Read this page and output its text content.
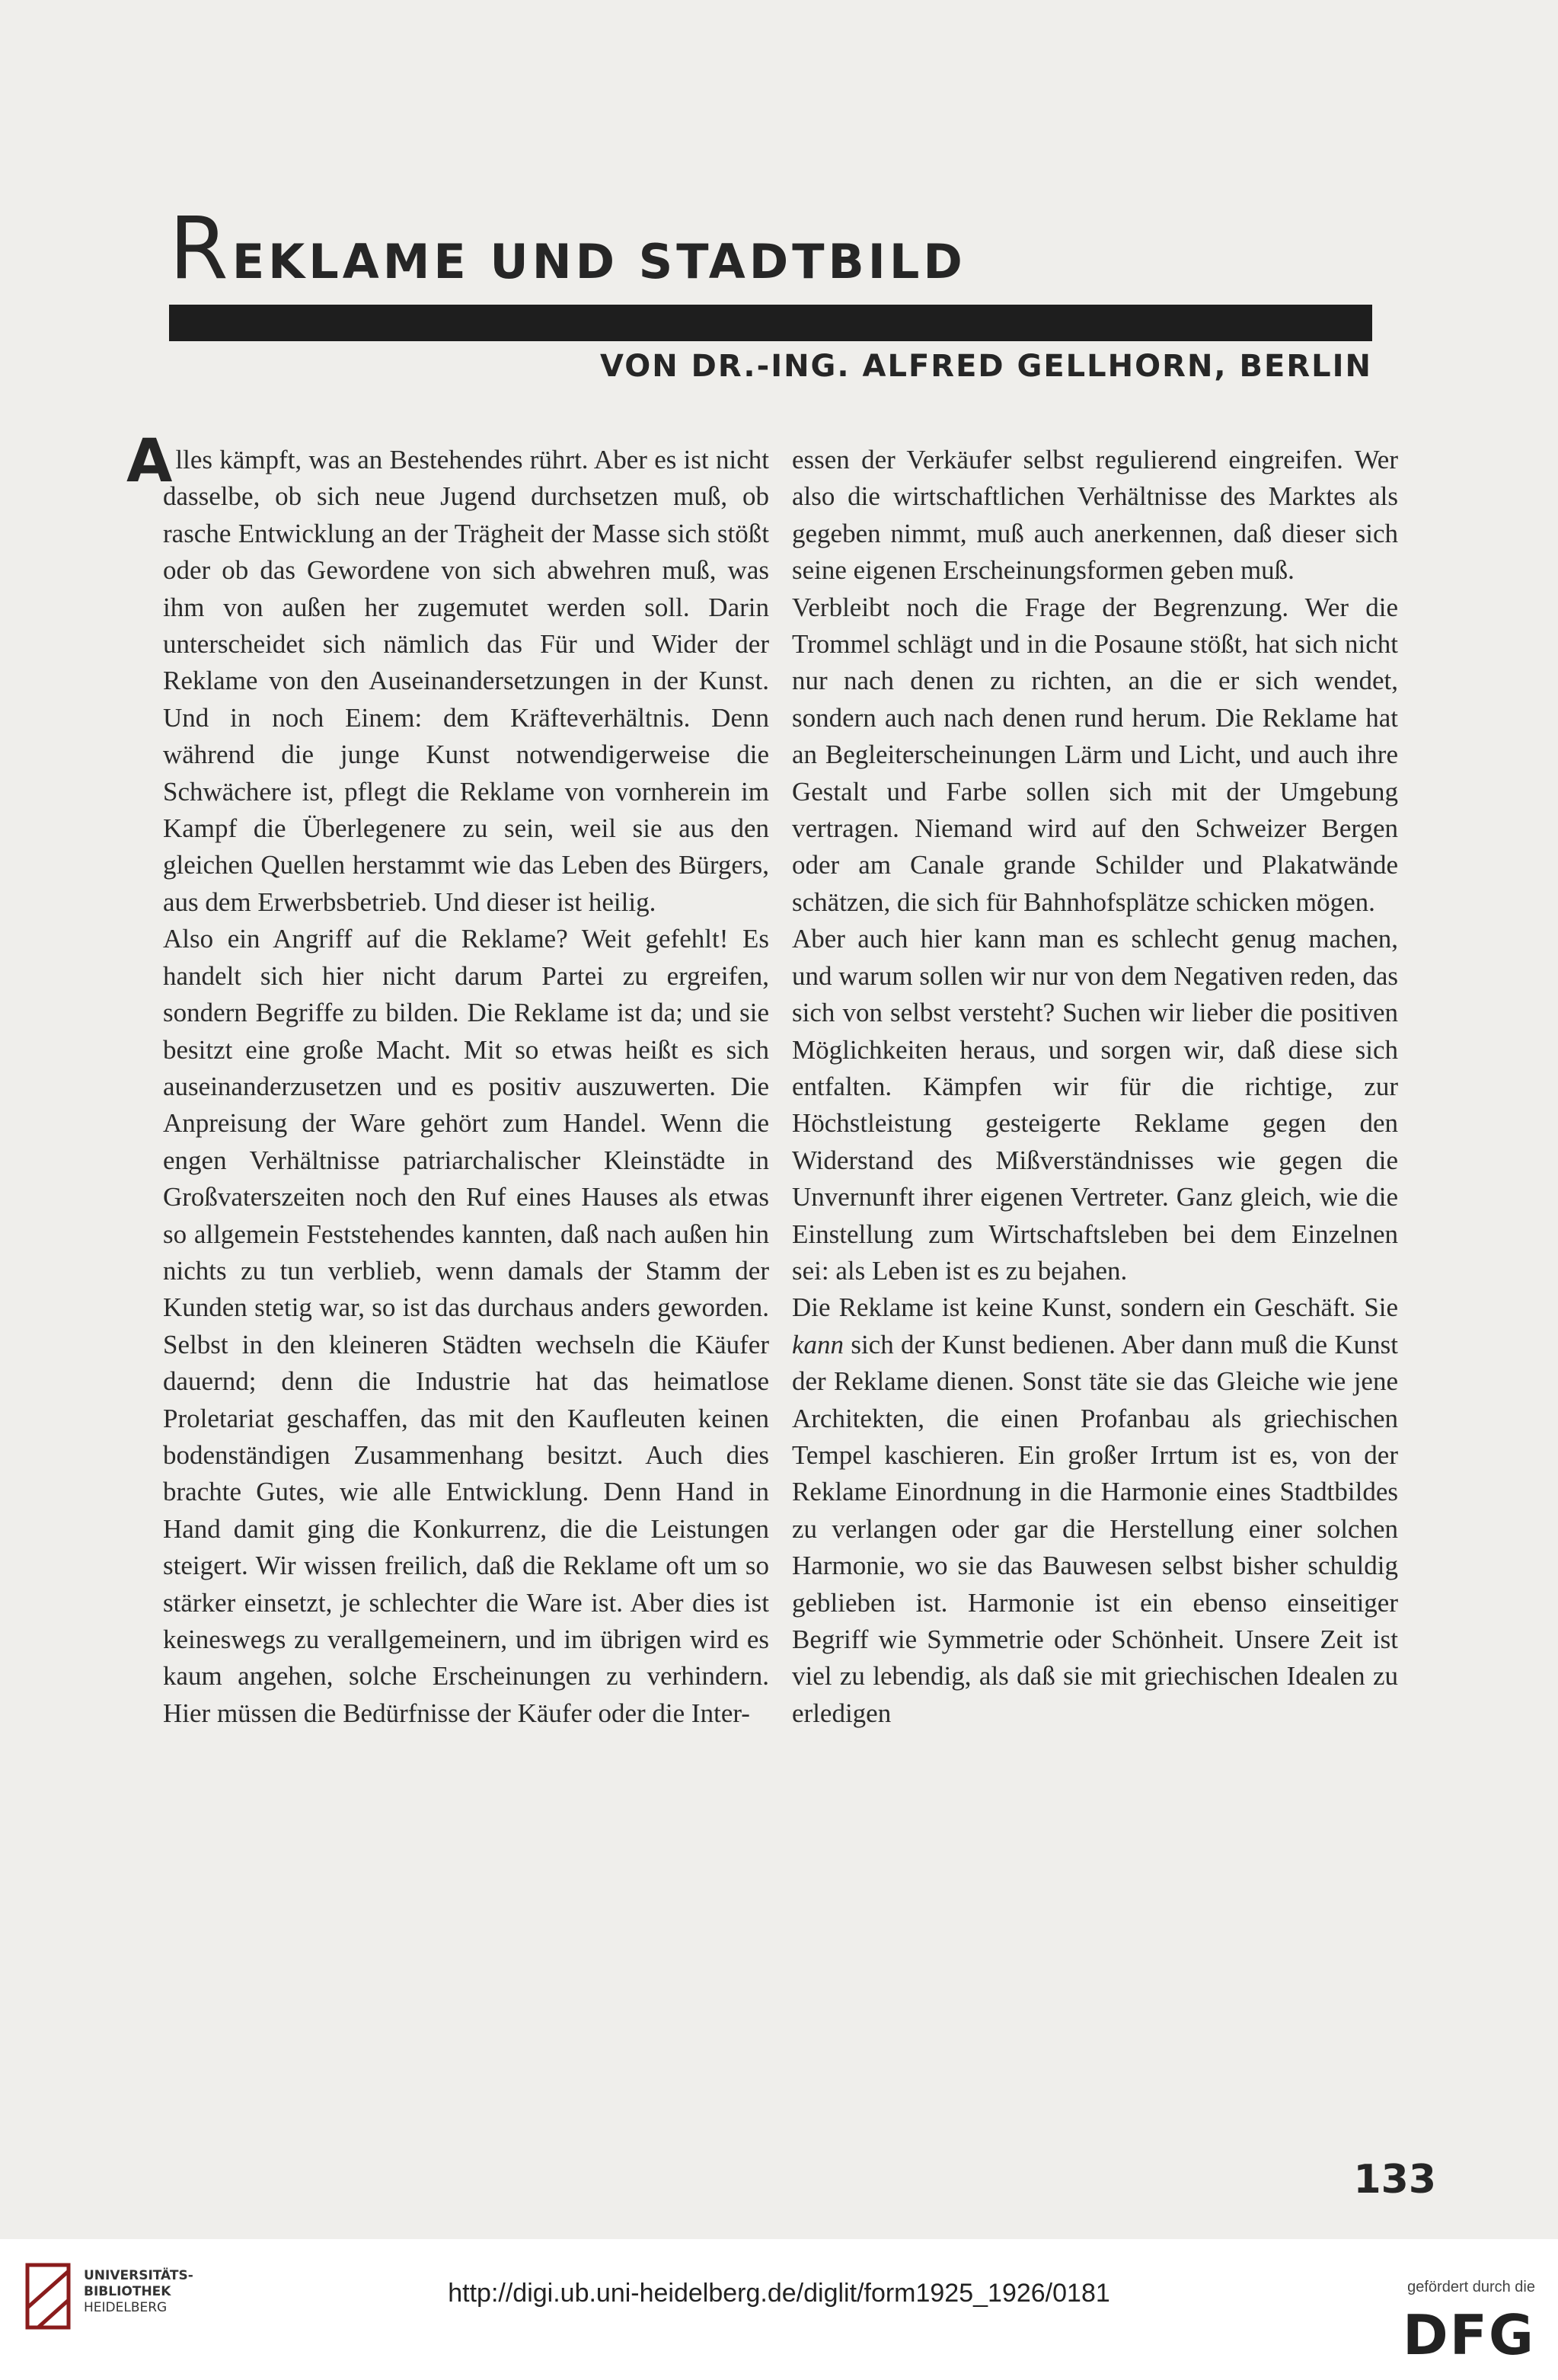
REKLAME UND STADTBILD
VON DR.-ING. ALFRED GELLHORN, BERLIN

Alles kämpft, was an Bestehendes rührt. Aber es ist nicht dasselbe, ob sich neue Jugend durchsetzen muß, ob rasche Entwicklung an der Trägheit der Masse sich stößt oder ob das Gewordene von sich abwehren muß, was ihm von außen her zugemutet werden soll. Darin unterscheidet sich nämlich das Für und Wider der Reklame von den Auseinandersetzungen in der Kunst. Und in noch Einem: dem Kräfteverhältnis. Denn während die junge Kunst notwendigerweise die Schwächere ist, pflegt die Reklame von vornherein im Kampf die Überlegenere zu sein, weil sie aus den gleichen Quellen herstammt wie das Leben des Bürgers, aus dem Erwerbsbetrieb. Und dieser ist heilig.

Also ein Angriff auf die Reklame? Weit gefehlt! Es handelt sich hier nicht darum Partei zu ergreifen, sondern Begriffe zu bilden. Die Reklame ist da; und sie besitzt eine große Macht. Mit so etwas heißt es sich auseinanderzusetzen und es positiv auszuwerten. Die Anpreisung der Ware gehört zum Handel. Wenn die engen Verhältnisse patriarchalischer Kleinstädte in Großvaterszeiten noch den Ruf eines Hauses als etwas so allgemein Feststehendes kannten, daß nach außen hin nichts zu tun verblieb, wenn damals der Stamm der Kunden stetig war, so ist das durchaus anders geworden. Selbst in den kleineren Städten wechseln die Käufer dauernd; denn die Industrie hat das heimatlose Proletariat geschaffen, das mit den Kaufleuten keinen bodenständigen Zusammenhang besitzt. Auch dies brachte Gutes, wie alle Entwicklung. Denn Hand in Hand damit ging die Konkurrenz, die die Leistungen steigert. Wir wissen freilich, daß die Reklame oft um so stärker einsetzt, je schlechter die Ware ist. Aber dies ist keineswegs zu verallgemeinern, und im übrigen wird es kaum angehen, solche Erscheinungen zu verhindern. Hier müssen die Bedürfnisse der Käufer oder die Inter-

essen der Verkäufer selbst regulierend eingreifen. Wer also die wirtschaftlichen Verhältnisse des Marktes als gegeben nimmt, muß auch anerkennen, daß dieser sich seine eigenen Erscheinungsformen geben muß.

Verbleibt noch die Frage der Begrenzung. Wer die Trommel schlägt und in die Posaune stößt, hat sich nicht nur nach denen zu richten, an die er sich wendet, sondern auch nach denen rund herum. Die Reklame hat an Begleiterscheinungen Lärm und Licht, und auch ihre Gestalt und Farbe sollen sich mit der Umgebung vertragen. Niemand wird auf den Schweizer Bergen oder am Canale grande Schilder und Plakatwände schätzen, die sich für Bahnhofsplätze schicken mögen.

Aber auch hier kann man es schlecht genug machen, und warum sollen wir nur von dem Negativen reden, das sich von selbst versteht? Suchen wir lieber die positiven Möglichkeiten heraus, und sorgen wir, daß diese sich entfalten. Kämpfen wir für die richtige, zur Höchstleistung gesteigerte Reklame gegen den Widerstand des Mißverständnisses wie gegen die Unvernunft ihrer eigenen Vertreter. Ganz gleich, wie die Einstellung zum Wirtschaftsleben bei dem Einzelnen sei: als Leben ist es zu bejahen.

Die Reklame ist keine Kunst, sondern ein Geschäft. Sie kann sich der Kunst bedienen. Aber dann muß die Kunst der Reklame dienen. Sonst täte sie das Gleiche wie jene Architekten, die einen Profanbau als griechischen Tempel kaschieren. Ein großer Irrtum ist es, von der Reklame Einordnung in die Harmonie eines Stadtbildes zu verlangen oder gar die Herstellung einer solchen Harmonie, wo sie das Bauwesen selbst bisher schuldig geblieben ist. Harmonie ist ein ebenso einseitiger Begriff wie Symmetrie oder Schönheit. Unsere Zeit ist viel zu lebendig, als daß sie mit griechischen Idealen zu erledigen

133
UNIVERSITÄTS-
BIBLIOTHEK
HEIDELBERG	http://digi.ub.uni-heidelberg.de/diglit/form1925_1926/0181	gefördert durch die
DFG
